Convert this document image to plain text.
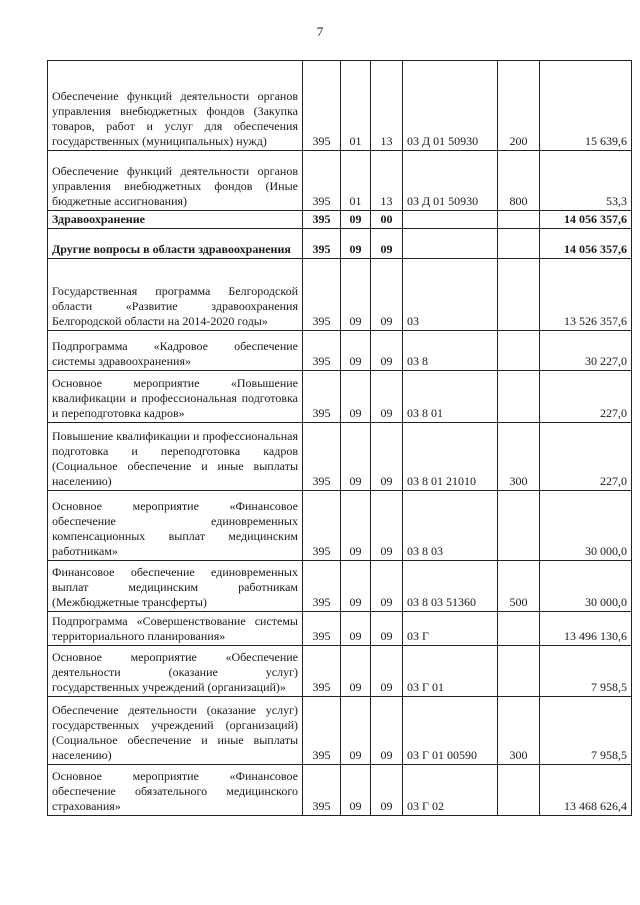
7
Обеспечение функций деятельности органов управления внебюджетных фондов (Закупка товаров, работ и услуг для обеспечения государственных (муниципальных) нужд)	395	01	13	03 Д 01 50930	200	15 639,6
Обеспечение функций деятельности органов управления внебюджетных фондов (Иные бюджетные ассигнования)	395	01	13	03 Д 01 50930	800	53,3
Здравоохранение	395	09	00			14 056 357,6
Другие вопросы в области здравоохранения	395	09	09			14 056 357,6
Государственная программа Белгородской области «Развитие здравоохранения Белгородской области на 2014-2020 годы»	395	09	09	03		13 526 357,6
Подпрограмма «Кадровое обеспечение системы здравоохранения»	395	09	09	03 8		30 227,0
Основное мероприятие «Повышение квалификации и профессиональная подготовка и переподготовка кадров»	395	09	09	03 8 01		227,0
Повышение квалификации и профессиональная подготовка и переподготовка кадров (Социальное обеспечение и иные выплаты населению)	395	09	09	03 8 01 21010	300	227,0
Основное мероприятие «Финансовое обеспечение единовременных компенсационных выплат медицинским работникам»	395	09	09	03 8 03		30 000,0
Финансовое обеспечение единовременных выплат медицинским работникам (Межбюджетные трансферты)	395	09	09	03 8 03 51360	500	30 000,0
Подпрограмма «Совершенствование системы территориального планирования»	395	09	09	03 Г		13 496 130,6
Основное мероприятие «Обеспечение деятельности (оказание услуг) государственных учреждений (организаций)»	395	09	09	03 Г 01		7 958,5
Обеспечение деятельности (оказание услуг) государственных учреждений (организаций) (Социальное обеспечение и иные выплаты населению)	395	09	09	03 Г 01 00590	300	7 958,5
Основное мероприятие «Финансовое обеспечение обязательного медицинского страхования»	395	09	09	03 Г 02		13 468 626,4
